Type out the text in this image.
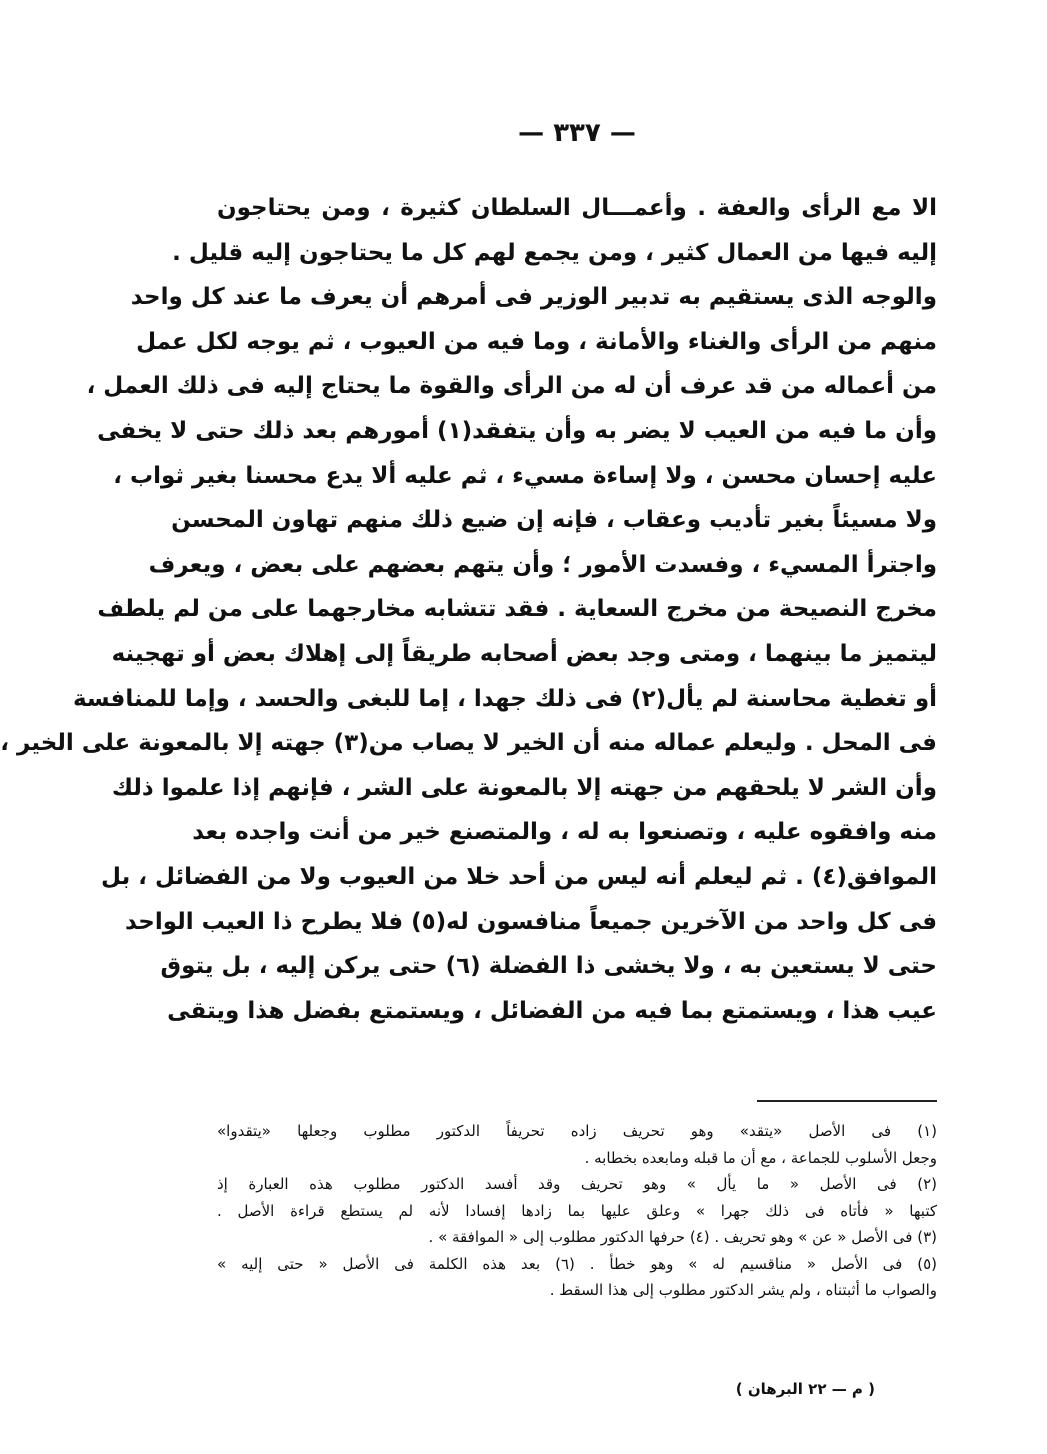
— ٣٣٧ —
الا مع الرأى والعفة . وأعمـــال السلطان كثيرة ، ومن يحتاجون
إليه فيها من العمال كثير ، ومن يجمع لهم كل ما يحتاجون إليه قليل .
والوجه الذى يستقيم به تدبير الوزير فى أمرهم أن يعرف ما عند كل واحد
منهم من الرأى والغناء والأمانة ، وما فيه من العيوب ، ثم يوجه لكل عمل
من أعماله من قد عرف أن له من الرأى والقوة ما يحتاج إليه فى ذلك العمل ،
وأن ما فيه من العيب لا يضر به وأن يتفقد(١) أمورهم بعد ذلك حتى لا يخفى
عليه إحسان محسن ، ولا إساءة مسيء ، ثم عليه ألا يدع محسنا بغير ثواب ،
ولا مسيئاً بغير تأديب وعقاب ، فإنه إن ضيع ذلك منهم تهاون المحسن
واجترأ المسيء ، وفسدت الأمور ؛ وأن يتهم بعضهم على بعض ، ويعرف
مخرج النصيحة من مخرج السعاية . فقد تتشابه مخارجهما على من لم يلطف
ليتميز ما بينهما ، ومتى وجد بعض أصحابه طريقاً إلى إهلاك بعض أو تهجينه
أو تغطية محاسنة لم يأل(٢) فى ذلك جهدا ، إما للبغى والحسد ، وإما للمنافسة
فى المحل . وليعلم عماله منه أن الخير لا يصاب من(٣) جهته إلا بالمعونة على الخير ،
وأن الشر لا يلحقهم من جهته إلا بالمعونة على الشر ، فإنهم إذا علموا ذلك
منه وافقوه عليه ، وتصنعوا به له ، والمتصنع خير من أنت واجده بعد
الموافق(٤) . ثم ليعلم أنه ليس من أحد خلا من العيوب ولا من الفضائل ، بل
فى كل واحد من الآخرين جميعاً منافسون له(٥) فلا يطرح ذا العيب الواحد
حتى لا يستعين به ، ولا يخشى ذا الفضلة (٦) حتى يركن إليه ، بل يتوق
عيب هذا ، ويستمتع بما فيه من الفضائل ، ويستمتع بفضل هذا ويتقى
(١) فى الأصل «يتقد» وهو تحريف زاده تحريفاً الدكتور مطلوب وجعلها «يتقدوا»
وجعل الأسلوب للجماعة ، مع أن ما قبله ومابعده بخطابه .
(٢) فى الأصل « ما يأل » وهو تحريف وقد أفسد الدكتور مطلوب هذه العبارة إذ
كتبها « فأتاه فى ذلك جهرا » وعلق عليها بما زادها إفسادا لأنه لم يستطع قراءة الأصل .
(٣) فى الأصل « عن » وهو تحريف . (٤) حرفها الدكتور مطلوب إلى « الموافقة » .
(٥) فى الأصل « مناقسيم له » وهو خطأ . (٦) بعد هذه الكلمة فى الأصل « حتى إليه »
والصواب ما أثبتناه ، ولم يشر الدكتور مطلوب إلى هذا السقط .
( م — ٢٢ البرهان )
